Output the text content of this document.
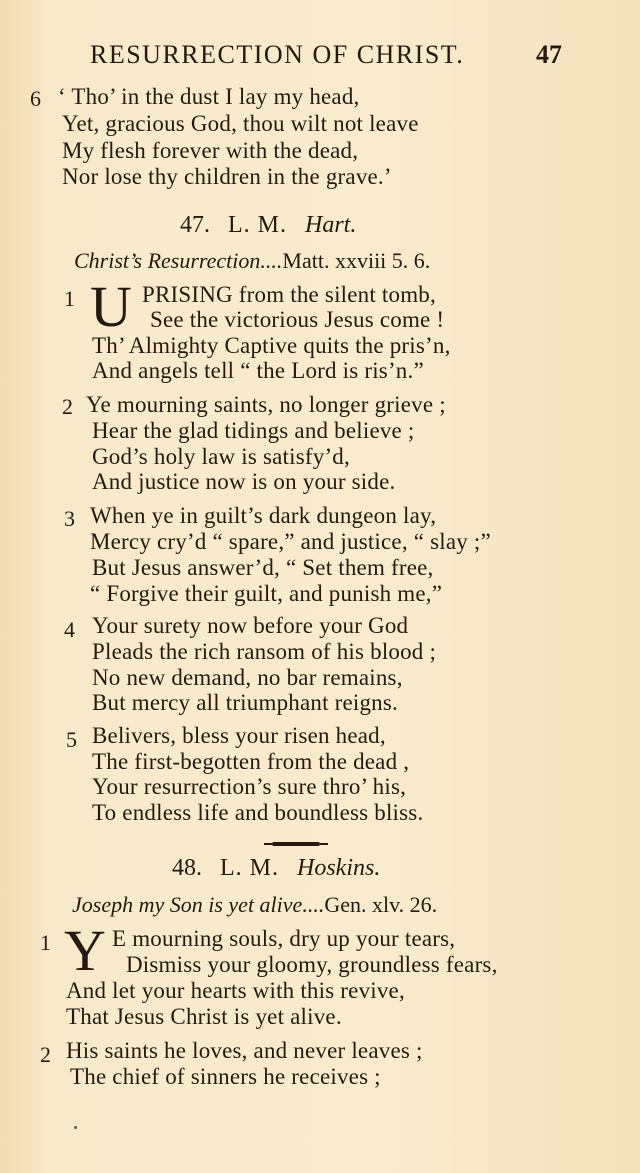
RESURRECTION OF CHRIST.	47
6 ‘ Tho’ in the dust I lay my head,
Yet, gracious God, thou wilt not leave
My flesh forever with the dead,
Nor lose thy children in the grave.’
47. L. M. Hart.
Christ’s Resurrection....Matt. xxviii 5. 6.
1 U PRISING from the silent tomb,
See the victorious Jesus come !
Th’ Almighty Captive quits the pris’n,
And angels tell “ the Lord is ris’n.”
2 Ye mourning saints, no longer grieve ;
Hear the glad tidings and believe ;
God’s holy law is satisfy’d,
And justice now is on your side.
3 When ye in guilt’s dark dungeon lay,
Mercy cry’d “ spare,” and justice, “ slay ;”
But Jesus answer’d, “ Set them free,
“ Forgive their guilt, and punish me,”
4 Your surety now before your God
Pleads the rich ransom of his blood ;
No new demand, no bar remains,
But mercy all triumphant reigns.
5 Belivers, bless your risen head,
The first-begotten from the dead ,
Your resurrection’s sure thro’ his,
To endless life and boundless bliss.
48. L. M. Hoskins.
Joseph my Son is yet alive....Gen. xlv. 26.
1 Y E mourning souls, dry up your tears,
Dismiss your gloomy, groundless fears,
And let your hearts with this revive,
That Jesus Christ is yet alive.
2 His saints he loves, and never leaves ;
The chief of sinners he receives ;
